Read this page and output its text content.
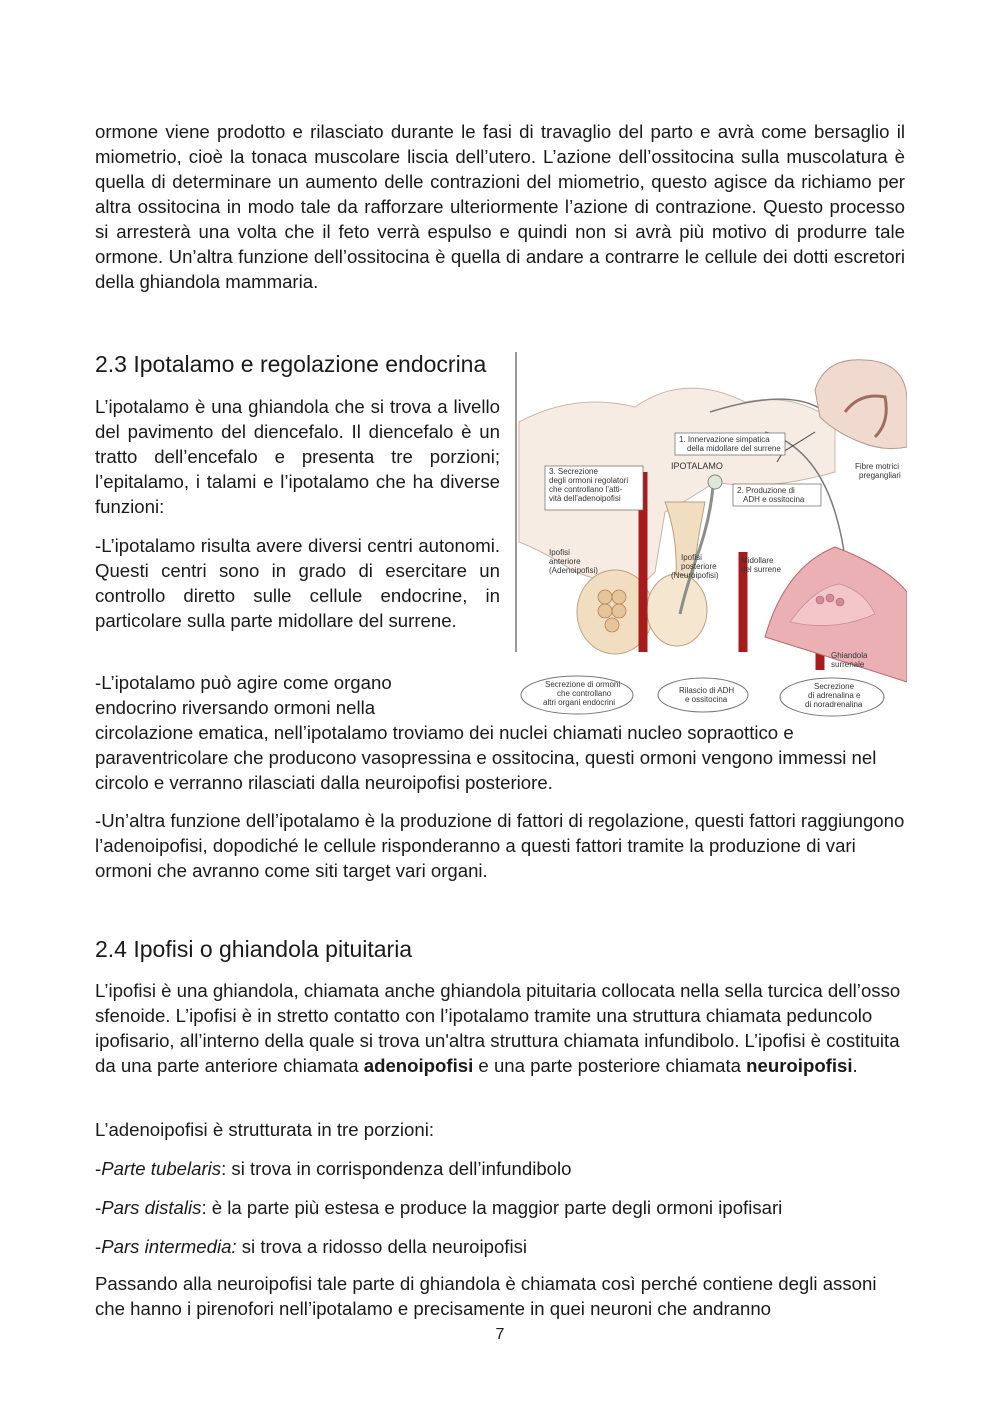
ormone viene prodotto e rilasciato durante le fasi di travaglio del parto e avrà come bersaglio il miometrio, cioè la tonaca muscolare liscia dell’utero. L’azione dell’ossitocina sulla muscolatura è quella di determinare un aumento delle contrazioni del miometrio, questo agisce da richiamo per altra ossitocina in modo tale da rafforzare ulteriormente l’azione di contrazione. Questo processo si arresterà una volta che il feto verrà espulso e quindi non si avrà più motivo di produrre tale ormone. Un’altra funzione dell’ossitocina è quella di andare a contrarre le cellule dei dotti escretori della ghiandola mammaria.

2.3 Ipotalamo e regolazione endocrina

L’ipotalamo è una ghiandola che si trova a livello del pavimento del diencefalo. Il diencefalo è un tratto dell’encefalo e presenta tre porzioni; l’epitalamo, i talami e l’ipotalamo che ha diverse funzioni:

-L’ipotalamo risulta avere diversi centri autonomi. Questi centri sono in grado di esercitare un controllo diretto sulle cellule endocrine, in particolare sulla parte midollare del surrene.

-L’ipotalamo può agire come organo

endocrino riversando ormoni nella

circolazione ematica, nell’ipotalamo troviamo dei nuclei chiamati nucleo sopraottico e paraventricolare che producono vasopressina e ossitocina, questi ormoni vengono immessi nel circolo e verranno rilasciati dalla neuroipofisi posteriore.

-Un’altra funzione dell’ipotalamo è la produzione di fattori di regolazione, questi fattori raggiungono l’adenoipofisi, dopodiché le cellule risponderanno a questi fattori tramite la produzione di vari ormoni che avranno come siti target vari organi.

1. Innervazione simpatica
della midollare del surrene
IPOTALAMO
3. Secrezione
degli ormoni regolatori
che controllano l’atti-
vità dell’adenoipofisi
2. Produzione di
ADH e ossitocina
Fibre motrici
pregangliari
Ipofisi
anteriore
(Adenoipofisi)
Ipofisi
posteriore
(Neuroipofisi)
Midollare
del surrene
Ghiandola
surrenale
Secrezione di ormoni
che controllano
altri organi endocrini
Rilascio di ADH
e ossitocina
Secrezione
di adrenalina e
di noradrenalina
2.4 Ipofisi o ghiandola pituitaria

L’ipofisi è una ghiandola, chiamata anche ghiandola pituitaria collocata nella sella turcica dell’osso sfenoide. L’ipofisi è in stretto contatto con l’ipotalamo tramite una struttura chiamata peduncolo ipofisario, all’interno della quale si trova un'altra struttura chiamata infundibolo. L’ipofisi è costituita da una parte anteriore chiamata adenoipofisi e una parte posteriore chiamata neuroipofisi.

L’adenoipofisi è strutturata in tre porzioni:

-Parte tubelaris: si trova in corrispondenza dell’infundibolo

-Pars distalis: è la parte più estesa e produce la maggior parte degli ormoni ipofisari

-Pars intermedia: si trova a ridosso della neuroipofisi

Passando alla neuroipofisi tale parte di ghiandola è chiamata così perché contiene degli assoni che hanno i pirenofori nell’ipotalamo e precisamente in quei neuroni che andranno

7
